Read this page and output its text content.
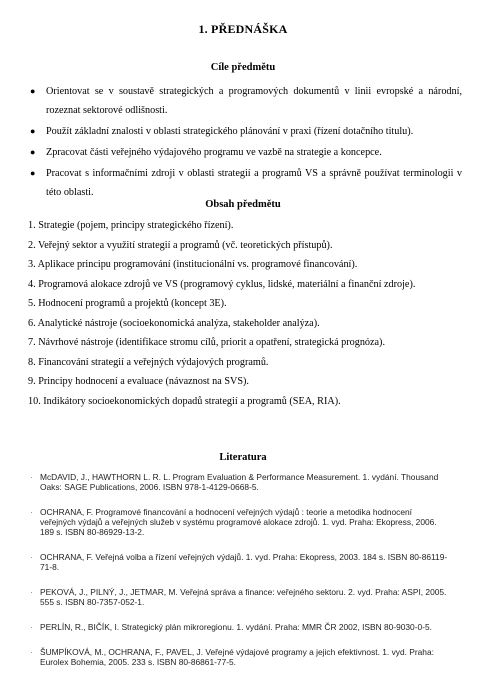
1. PŘEDNÁŠKA
Cíle předmětu
● Orientovat se v soustavě strategických a programových dokumentů v linii evropské a národní, rozeznat sektorové odlišnosti.
● Použít základní znalosti v oblasti strategického plánování v praxi (řízení dotačního titulu).
● Zpracovat části veřejného výdajového programu ve vazbě na strategie a koncepce.
● Pracovat s informačními zdroji v oblasti strategií a programů VS a správně používat terminologii v této oblasti.
Obsah předmětu
1. Strategie (pojem, principy strategického řízení).
2. Veřejný sektor a využití strategií a programů (vč. teoretických přístupů).
3. Aplikace principu programování (institucionální vs. programové financování).
4. Programová alokace zdrojů ve VS (programový cyklus, lidské, materiální a finanční zdroje).
5. Hodnocení programů a projektů (koncept 3E).
6. Analytické nástroje (socioekonomická analýza, stakeholder analýza).
7. Návrhové nástroje (identifikace stromu cílů, priorit a opatření, strategická prognóza).
8. Financování strategií a veřejných výdajových programů.
9. Principy hodnocení a evaluace (návaznost na SVS).
10. Indikátory socioekonomických dopadů strategií a programů (SEA, RIA).
Literatura
· McDAVID, J., HAWTHORN L. R. L. Program Evaluation & Performance Measurement. 1. vydání. Thousand Oaks: SAGE Publications, 2006. ISBN 978-1-4129-0668-5.
· OCHRANA, F. Programové financování a hodnocení veřejných výdajů : teorie a metodika hodnocení veřejných výdajů a veřejných služeb v systému programové alokace zdrojů. 1. vyd. Praha: Ekopress, 2006. 189 s. ISBN 80-86929-13-2.
· OCHRANA, F. Veřejná volba a řízení veřejných výdajů. 1. vyd. Praha: Ekopress, 2003. 184 s. ISBN 80-86119-71-8.
· PEKOVÁ, J., PILNÝ, J., JETMAR, M. Veřejná správa a finance: veřejného sektoru. 2. vyd. Praha: ASPI, 2005. 555 s. ISBN 80-7357-052-1.
· PERLÍN, R., BIČÍK, I. Strategický plán mikroregionu. 1. vydání. Praha: MMR ČR 2002, ISBN 80-9030-0-5.
· ŠUMPÍKOVÁ, M., OCHRANA, F., PAVEL, J. Veřejné výdajové programy a jejich efektivnost. 1. vyd. Praha: Eurolex Bohemia, 2005. 233 s. ISBN 80-86861-77-5.
